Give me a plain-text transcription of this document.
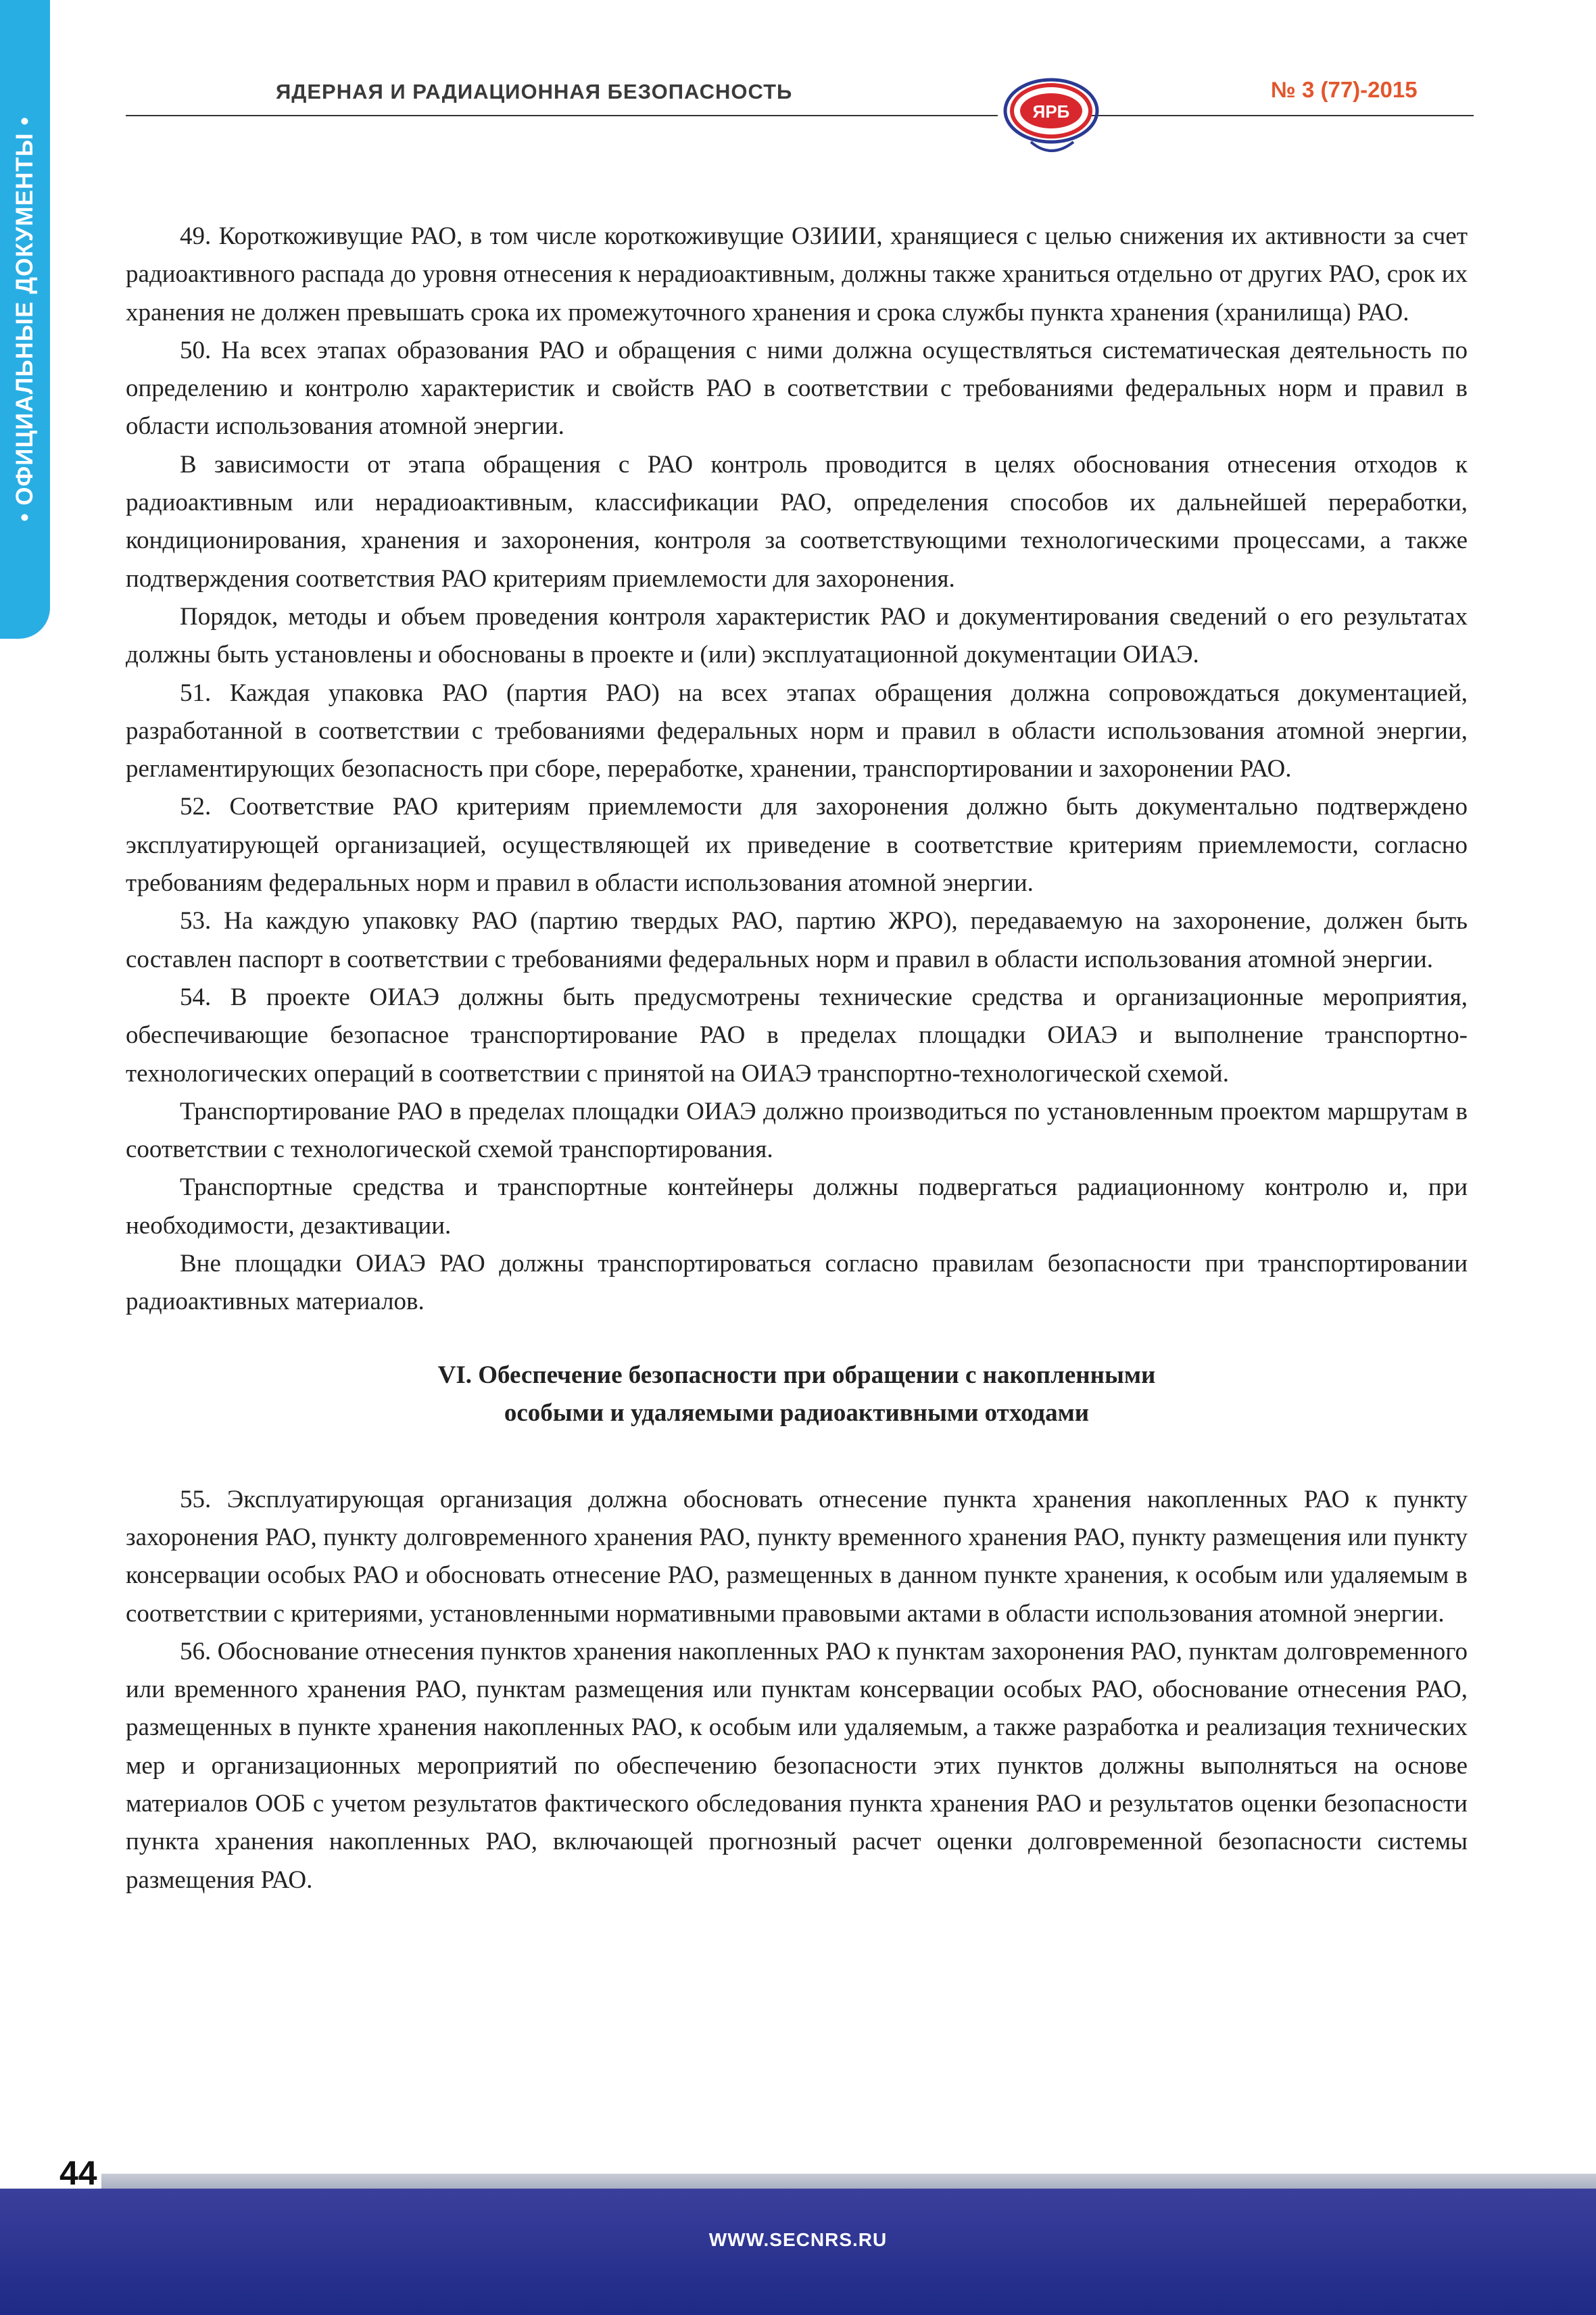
• ОФИЦИАЛЬНЫЕ ДОКУМЕНТЫ •
ЯДЕРНАЯ И РАДИАЦИОННАЯ БЕЗОПАСНОСТЬ
ЯРБ
№ 3 (77)-2015

49. Короткоживущие РАО, в том числе короткоживущие ОЗИИИ, хранящиеся с целью снижения их активности за счет радиоактивного распада до уровня отнесения к нерадиоактивным, должны также храниться отдельно от других РАО, срок их хранения не должен превышать срока их промежуточного хранения и срока службы пункта хранения (хранилища) РАО.

50. На всех этапах образования РАО и обращения с ними должна осуществляться систематическая деятельность по определению и контролю характеристик и свойств РАО в соответствии с требованиями федеральных норм и правил в области использования атомной энергии.

В зависимости от этапа обращения с РАО контроль проводится в целях обоснования отнесения отходов к радиоактивным или нерадиоактивным, классификации РАО, определения способов их дальнейшей переработки, кондиционирования, хранения и захоронения, контроля за соответствующими технологическими процессами, а также подтверждения соответствия РАО критериям приемлемости для захоронения.

Порядок, методы и объем проведения контроля характеристик РАО и документирования сведений о его результатах должны быть установлены и обоснованы в проекте и (или) эксплуатационной документации ОИАЭ.

51. Каждая упаковка РАО (партия РАО) на всех этапах обращения должна сопровождаться документацией, разработанной в соответствии с требованиями федеральных норм и правил в области использования атомной энергии, регламентирующих безопасность при сборе, переработке, хранении, транспортировании и захоронении РАО.

52. Соответствие РАО критериям приемлемости для захоронения должно быть документально подтверждено эксплуатирующей организацией, осуществляющей их приведение в соответствие критериям приемлемости, согласно требованиям федеральных норм и правил в области использования атомной энергии.

53. На каждую упаковку РАО (партию твердых РАО, партию ЖРО), передаваемую на захоронение, должен быть составлен паспорт в соответствии с требованиями федеральных норм и правил в области использования атомной энергии.

54. В проекте ОИАЭ должны быть предусмотрены технические средства и организационные мероприятия, обеспечивающие безопасное транспортирование РАО в пределах площадки ОИАЭ и выполнение транспортно-технологических операций в соответствии с принятой на ОИАЭ транспортно-технологической схемой.

Транспортирование РАО в пределах площадки ОИАЭ должно производиться по установленным проектом маршрутам в соответствии с технологической схемой транспортирования.

Транспортные средства и транспортные контейнеры должны подвергаться радиационному контролю и, при необходимости, дезактивации.

Вне площадки ОИАЭ РАО должны транспортироваться согласно правилам безопасности при транспортировании радиоактивных материалов.

VI. Обеспечение безопасности при обращении с накопленными
особыми и удаляемыми радиоактивными отходами

55. Эксплуатирующая организация должна обосновать отнесение пункта хранения накопленных РАО к пункту захоронения РАО, пункту долговременного хранения РАО, пункту временного хранения РАО, пункту размещения или пункту консервации особых РАО и обосновать отнесение РАО, размещенных в данном пункте хранения, к особым или удаляемым в соответствии с критериями, установленными нормативными правовыми актами в области использования атомной энергии.

56. Обоснование отнесения пунктов хранения накопленных РАО к пунктам захоронения РАО, пунктам долговременного или временного хранения РАО, пунктам размещения или пунктам консервации особых РАО, обоснование отнесения РАО, размещенных в пункте хранения накопленных РАО, к особым или удаляемым, а также разработка и реализация технических мер и организационных мероприятий по обеспечению безопасности этих пунктов должны выполняться на основе материалов ООБ с учетом результатов фактического обследования пункта хранения РАО и результатов оценки безопасности пункта хранения накопленных РАО, включающей прогнозный расчет оценки долговременной безопасности системы размещения РАО.

44
WWW.SECNRS.RU
